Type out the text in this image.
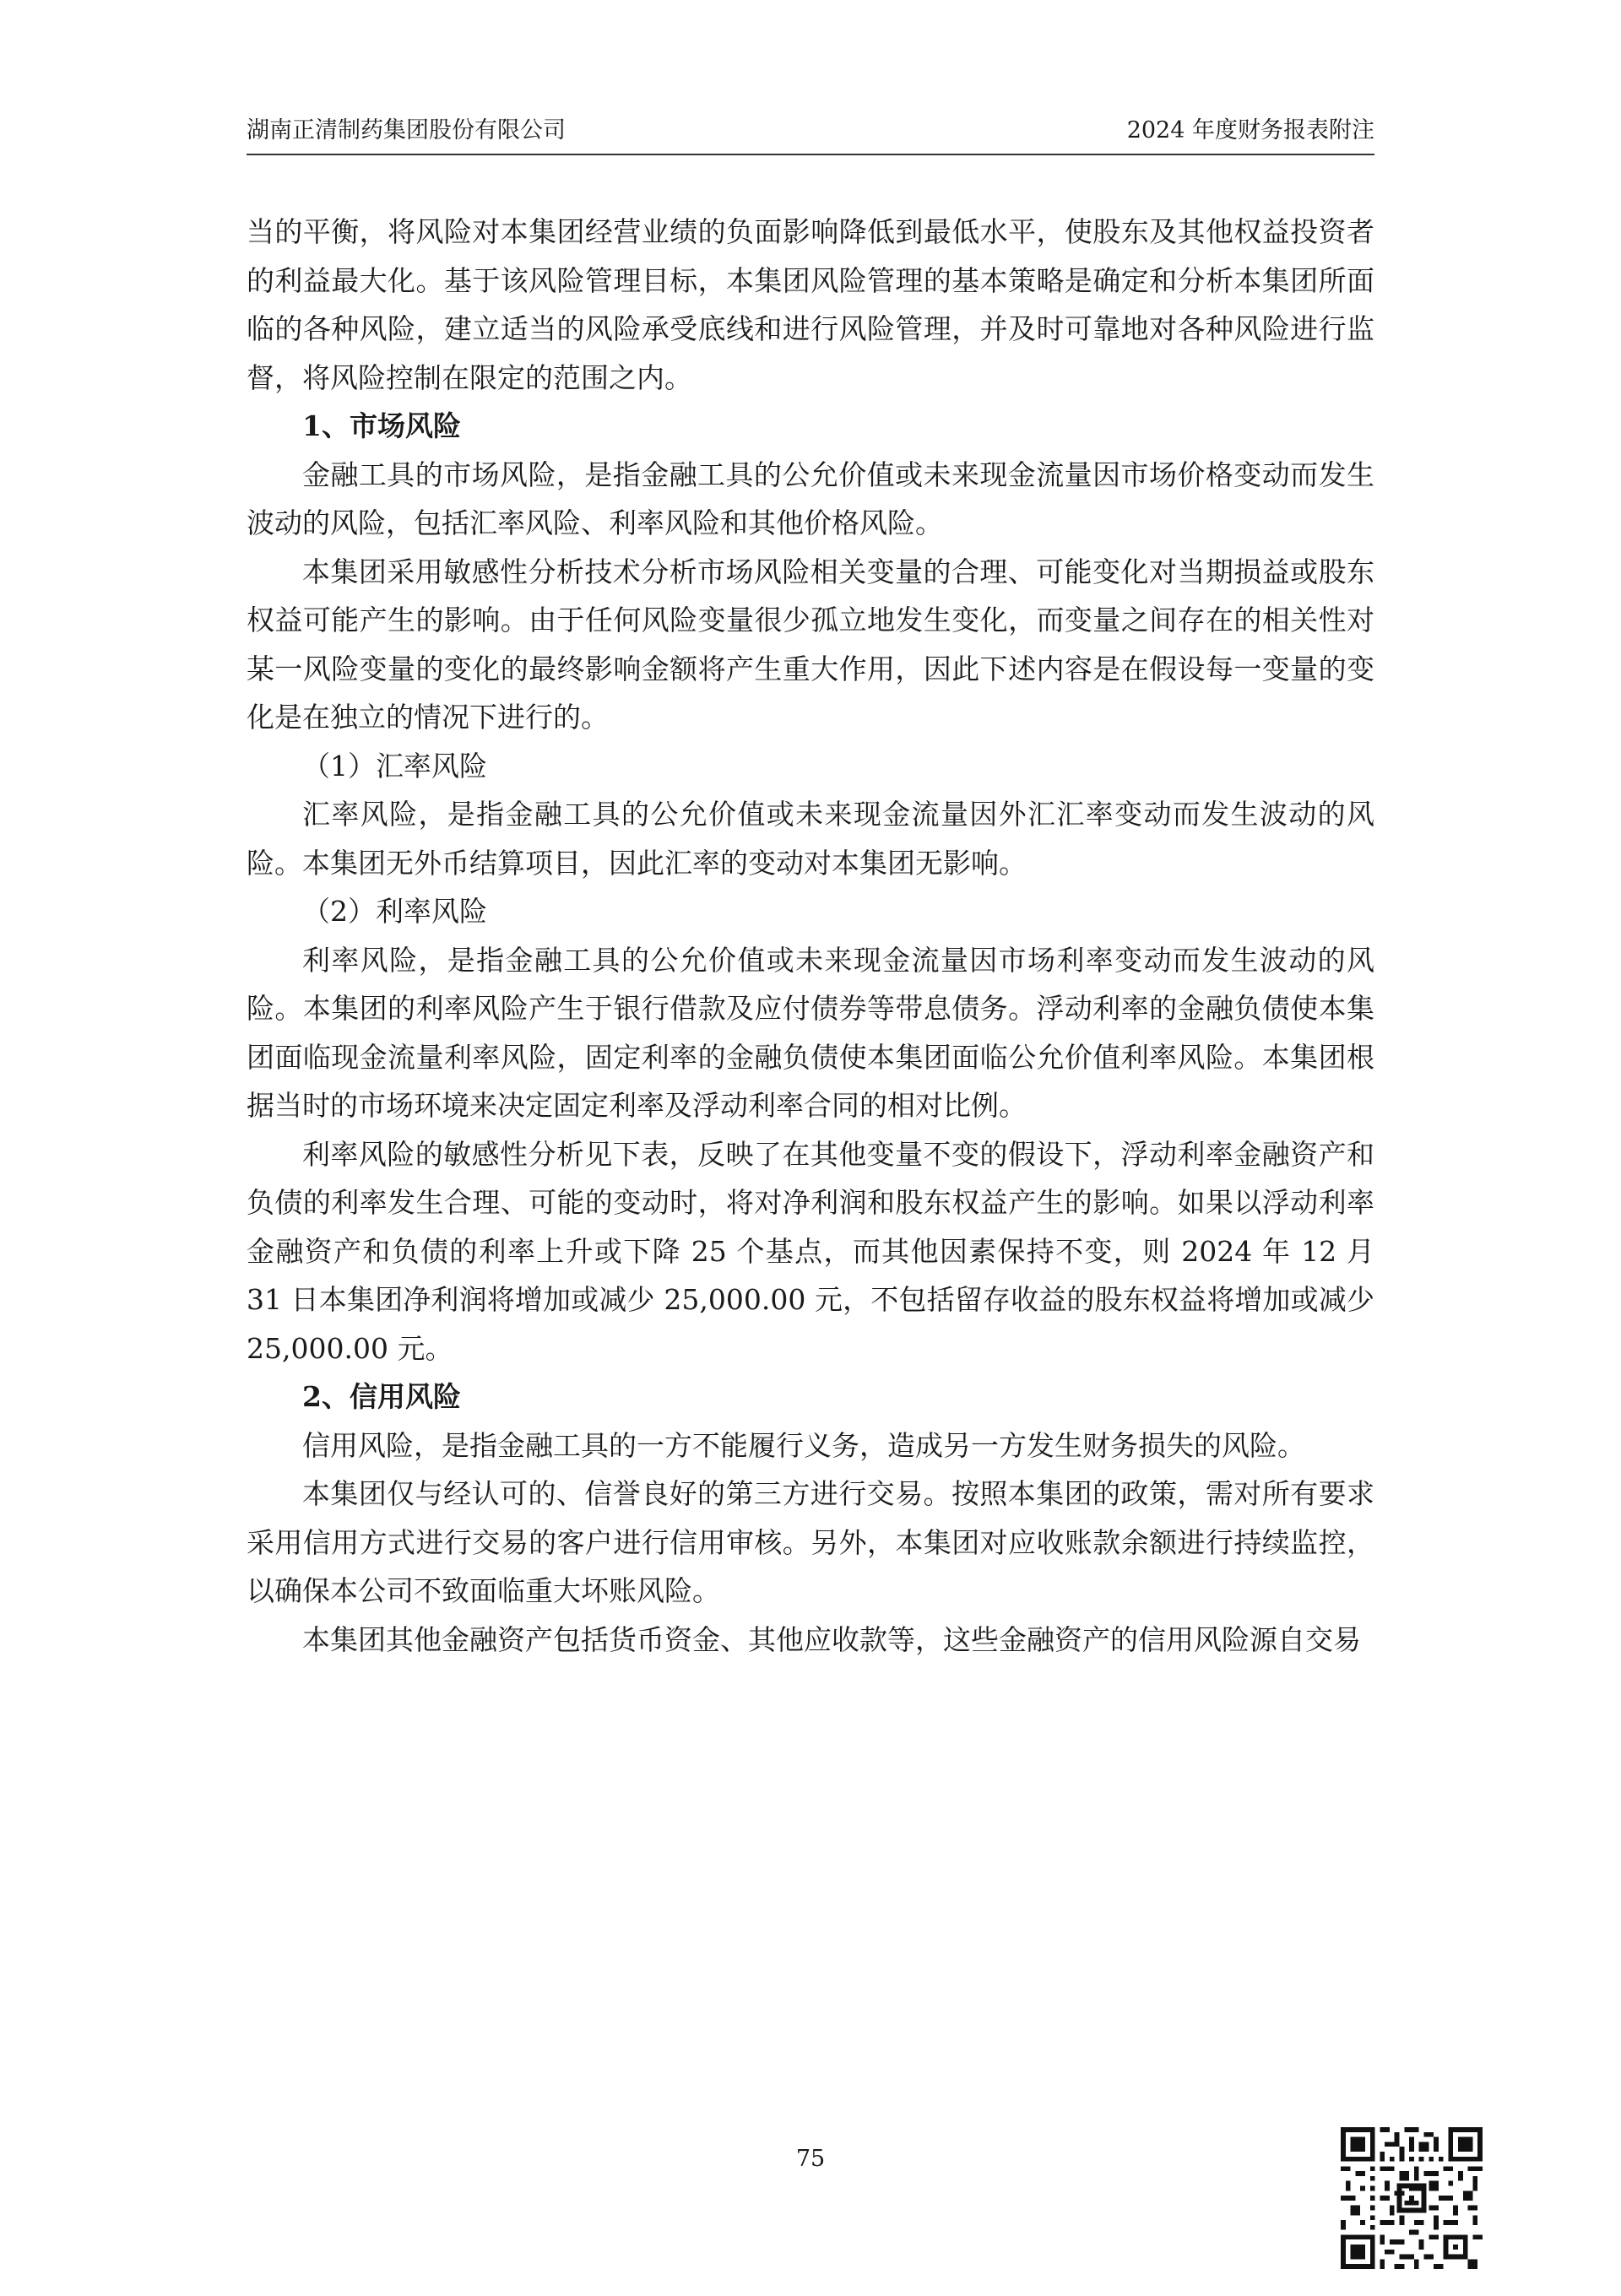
湖南正清制药集团股份有限公司	2024 年度财务报表附注

当的平衡，将风险对本集团经营业绩的负面影响降低到最低水平，使股东及其他权益投资者的利益最大化。基于该风险管理目标，本集团风险管理的基本策略是确定和分析本集团所面临的各种风险，建立适当的风险承受底线和进行风险管理，并及时可靠地对各种风险进行监督，将风险控制在限定的范围之内。

1、市场风险

金融工具的市场风险，是指金融工具的公允价值或未来现金流量因市场价格变动而发生波动的风险，包括汇率风险、利率风险和其他价格风险。

本集团采用敏感性分析技术分析市场风险相关变量的合理、可能变化对当期损益或股东权益可能产生的影响。由于任何风险变量很少孤立地发生变化，而变量之间存在的相关性对某一风险变量的变化的最终影响金额将产生重大作用，因此下述内容是在假设每一变量的变化是在独立的情况下进行的。

（1）汇率风险

汇率风险，是指金融工具的公允价值或未来现金流量因外汇汇率变动而发生波动的风险。本集团无外币结算项目，因此汇率的变动对本集团无影响。

（2）利率风险

利率风险，是指金融工具的公允价值或未来现金流量因市场利率变动而发生波动的风险。本集团的利率风险产生于银行借款及应付债券等带息债务。浮动利率的金融负债使本集团面临现金流量利率风险，固定利率的金融负债使本集团面临公允价值利率风险。本集团根据当时的市场环境来决定固定利率及浮动利率合同的相对比例。

利率风险的敏感性分析见下表，反映了在其他变量不变的假设下，浮动利率金融资产和负债的利率发生合理、可能的变动时，将对净利润和股东权益产生的影响。如果以浮动利率金融资产和负债的利率上升或下降 25 个基点，而其他因素保持不变，则 2024 年 12 月 31 日本集团净利润将增加或减少 25,000.00 元，不包括留存收益的股东权益将增加或减少 25,000.00 元。

2、信用风险

信用风险，是指金融工具的一方不能履行义务，造成另一方发生财务损失的风险。

本集团仅与经认可的、信誉良好的第三方进行交易。按照本集团的政策，需对所有要求采用信用方式进行交易的客户进行信用审核。另外，本集团对应收账款余额进行持续监控，以确保本公司不致面临重大坏账风险。

本集团其他金融资产包括货币资金、其他应收款等，这些金融资产的信用风险源自交易

75
